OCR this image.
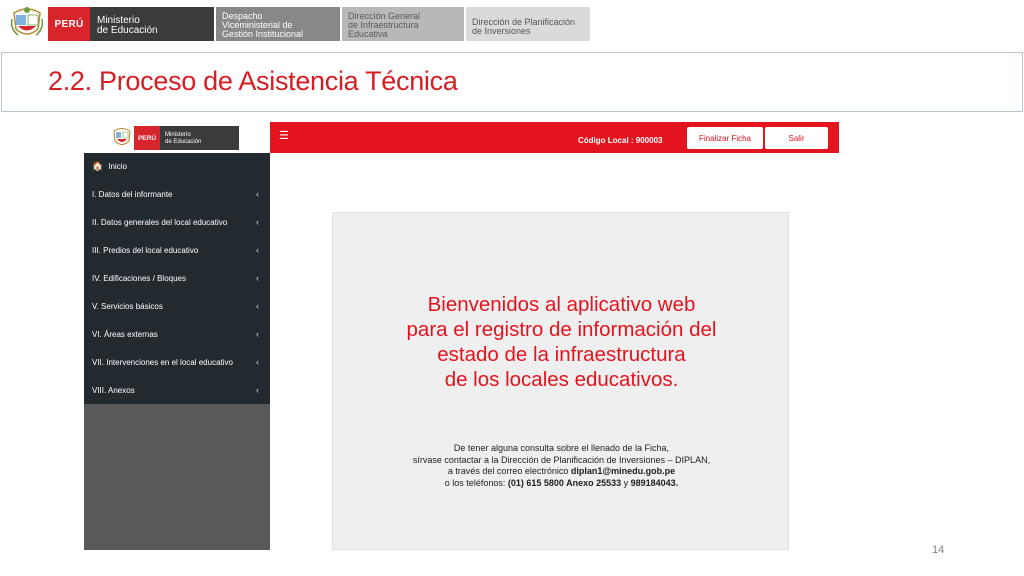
PERÚ	Ministerio
de Educación
Despacho
Viceministerial de
Gestión Institucional
Dirección General
de Infraestructura
Educativa
Dirección de Planificación
de Inversiones
2.2. Proceso de Asistencia Técnica
PERÚ	Ministerio
de Educación	☰	Código Local : 900003	Finalizar Ficha	Salir
🏠 Inicio
I. Datos del informante	‹
II. Datos generales del local educativo	‹
III. Predios del local educativo	‹
IV. Edificaciones / Bloques	‹
V. Servicios básicos	‹
VI. Áreas externas	‹
VII. Intervenciones en el local educativo	‹
VIII. Anexos	‹
Bienvenidos al aplicativo web
para el registro de información del
estado de la infraestructura
de los locales educativos.
De tener alguna consulta sobre el llenado de la Ficha,
sírvase contactar a la Dirección de Planificación de Inversiones – DIPLAN,
a través del correo electrónico diplan1@minedu.gob.pe
o los teléfonos: (01) 615 5800 Anexo 25533 y 989184043.
14
